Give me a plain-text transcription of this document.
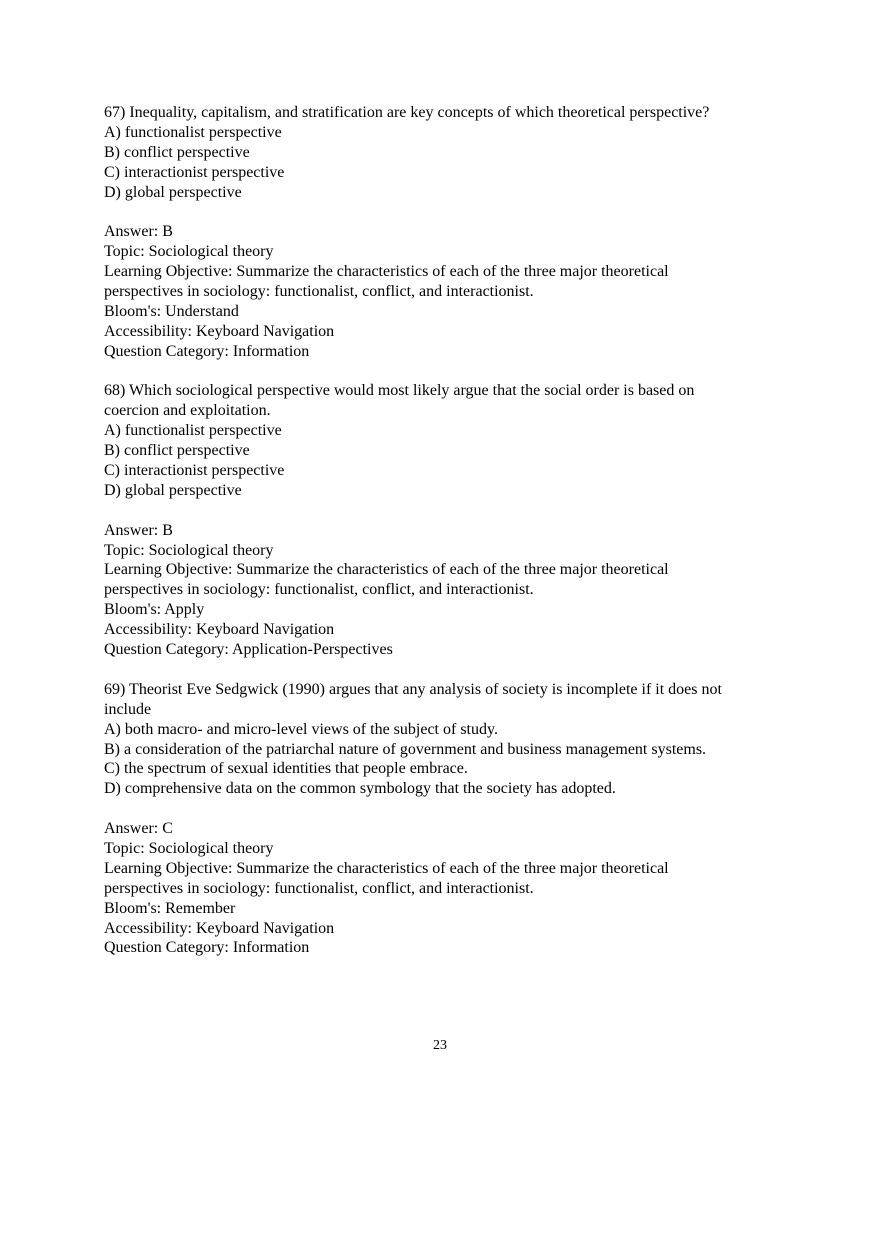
67) Inequality, capitalism, and stratification are key concepts of which theoretical perspective?
A) functionalist perspective
B) conflict perspective
C) interactionist perspective
D) global perspective
Answer: B
Topic: Sociological theory
Learning Objective: Summarize the characteristics of each of the three major theoretical
perspectives in sociology: functionalist, conflict, and interactionist.
Bloom's: Understand
Accessibility: Keyboard Navigation
Question Category: Information
68) Which sociological perspective would most likely argue that the social order is based on
coercion and exploitation.
A) functionalist perspective
B) conflict perspective
C) interactionist perspective
D) global perspective
Answer: B
Topic: Sociological theory
Learning Objective: Summarize the characteristics of each of the three major theoretical
perspectives in sociology: functionalist, conflict, and interactionist.
Bloom's: Apply
Accessibility: Keyboard Navigation
Question Category: Application-Perspectives
69) Theorist Eve Sedgwick (1990) argues that any analysis of society is incomplete if it does not
include
A) both macro- and micro-level views of the subject of study.
B) a consideration of the patriarchal nature of government and business management systems.
C) the spectrum of sexual identities that people embrace.
D) comprehensive data on the common symbology that the society has adopted.
Answer: C
Topic: Sociological theory
Learning Objective: Summarize the characteristics of each of the three major theoretical
perspectives in sociology: functionalist, conflict, and interactionist.
Bloom's: Remember
Accessibility: Keyboard Navigation
Question Category: Information
23
